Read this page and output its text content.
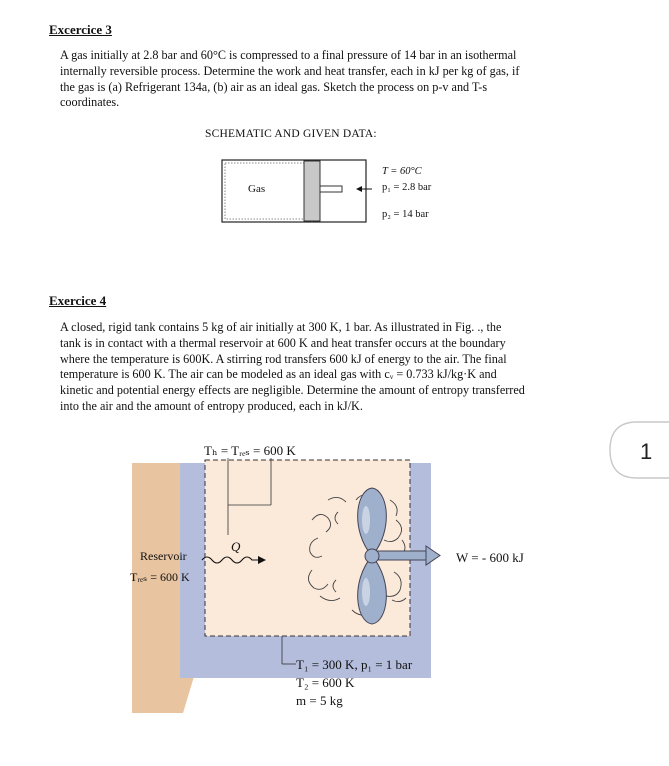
Excercice 3

A gas initially at 2.8 bar and 60°C is compressed to a final pressure of 14 bar in an isothermal

internally reversible process. Determine the work and heat transfer, each in kJ per kg of gas, if

the gas is (a) Refrigerant 134a, (b) air as an ideal gas. Sketch the process on p-v and T-s

coordinates.

SCHEMATIC AND GIVEN DATA:
Exercice 4

A closed, rigid tank contains 5 kg of air initially at 300 K, 1 bar. As illustrated in Fig. ., the

tank is in contact with a thermal reservoir at 600 K and heat transfer occurs at the boundary

where the temperature is 600K. A stirring rod transfers 600 kJ of energy to the air. The final

temperature is 600 K. The air can be modeled as an ideal gas with cᵥ = 0.733 kJ/kg·K and

kinetic and potential energy effects are negligible. Determine the amount of entropy transferred

into the air and the amount of entropy produced, each in kJ/K.

Gas
T = 60°C
p₁ = 2.8 bar
p₂ = 14 bar
Tₕ = Tᵣₑₛ = 600 K
Reservoir
Tᵣₑₛ = 600 K
Q
W = - 600 kJ
T₁ = 300 K, p₁ = 1 bar
T₂ = 600 K
m = 5 kg
1
